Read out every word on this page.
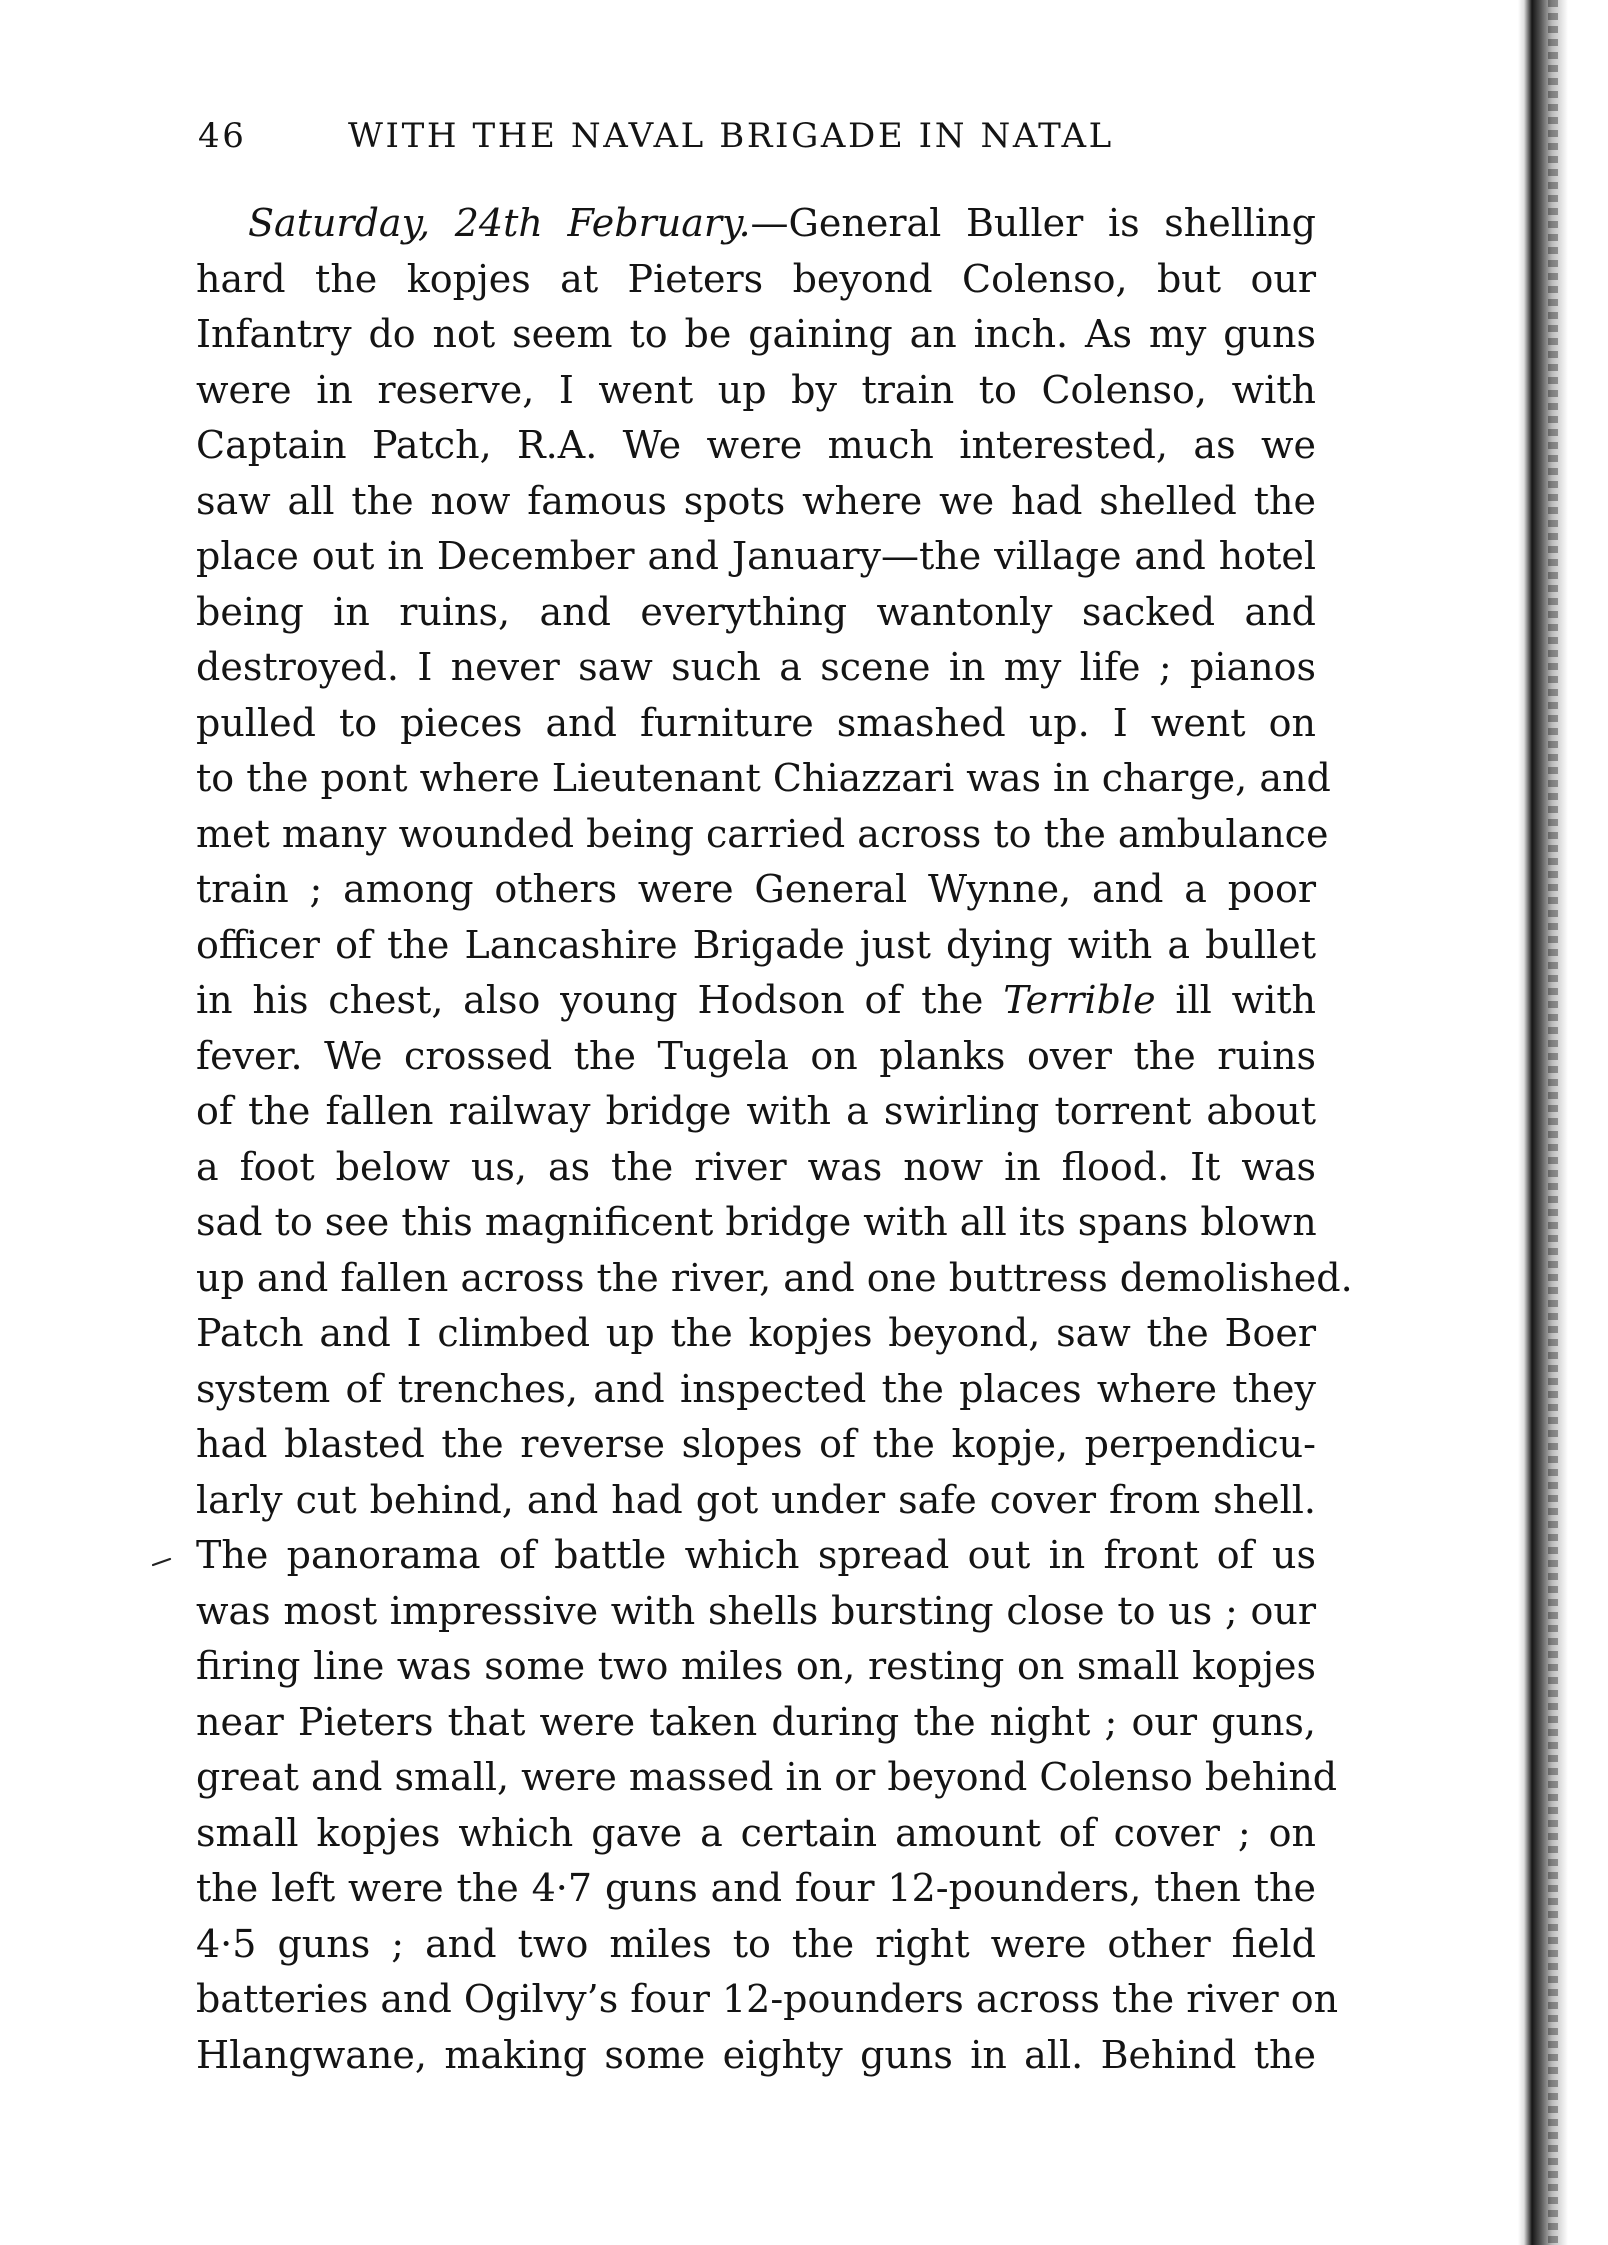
46	WITH THE NAVAL BRIGADE IN NATAL
Saturday, 24th February.—General Buller is shelling
hard the kopjes at Pieters beyond Colenso, but our
Infantry do not seem to be gaining an inch. As my guns
were in reserve, I went up by train to Colenso, with
Captain Patch, R.A. We were much interested, as we
saw all the now famous spots where we had shelled the
place out in December and January—the village and hotel
being in ruins, and everything wantonly sacked and
destroyed. I never saw such a scene in my life ; pianos
pulled to pieces and furniture smashed up. I went on
to the pont where Lieutenant Chiazzari was in charge, and
met many wounded being carried across to the ambulance
train ; among others were General Wynne, and a poor
officer of the Lancashire Brigade just dying with a bullet
in his chest, also young Hodson of the Terrible ill with
fever. We crossed the Tugela on planks over the ruins
of the fallen railway bridge with a swirling torrent about
a foot below us, as the river was now in flood. It was
sad to see this magnificent bridge with all its spans blown
up and fallen across the river, and one buttress demolished.
Patch and I climbed up the kopjes beyond, saw the Boer
system of trenches, and inspected the places where they
had blasted the reverse slopes of the kopje, perpendicu-
larly cut behind, and had got under safe cover from shell.
The panorama of battle which spread out in front of us
was most impressive with shells bursting close to us ; our
firing line was some two miles on, resting on small kopjes
near Pieters that were taken during the night ; our guns,
great and small, were massed in or beyond Colenso behind
small kopjes which gave a certain amount of cover ; on
the left were the 4·7 guns and four 12-pounders, then the
4·5 guns ; and two miles to the right were other field
batteries and Ogilvy’s four 12-pounders across the river on
Hlangwane, making some eighty guns in all. Behind the
